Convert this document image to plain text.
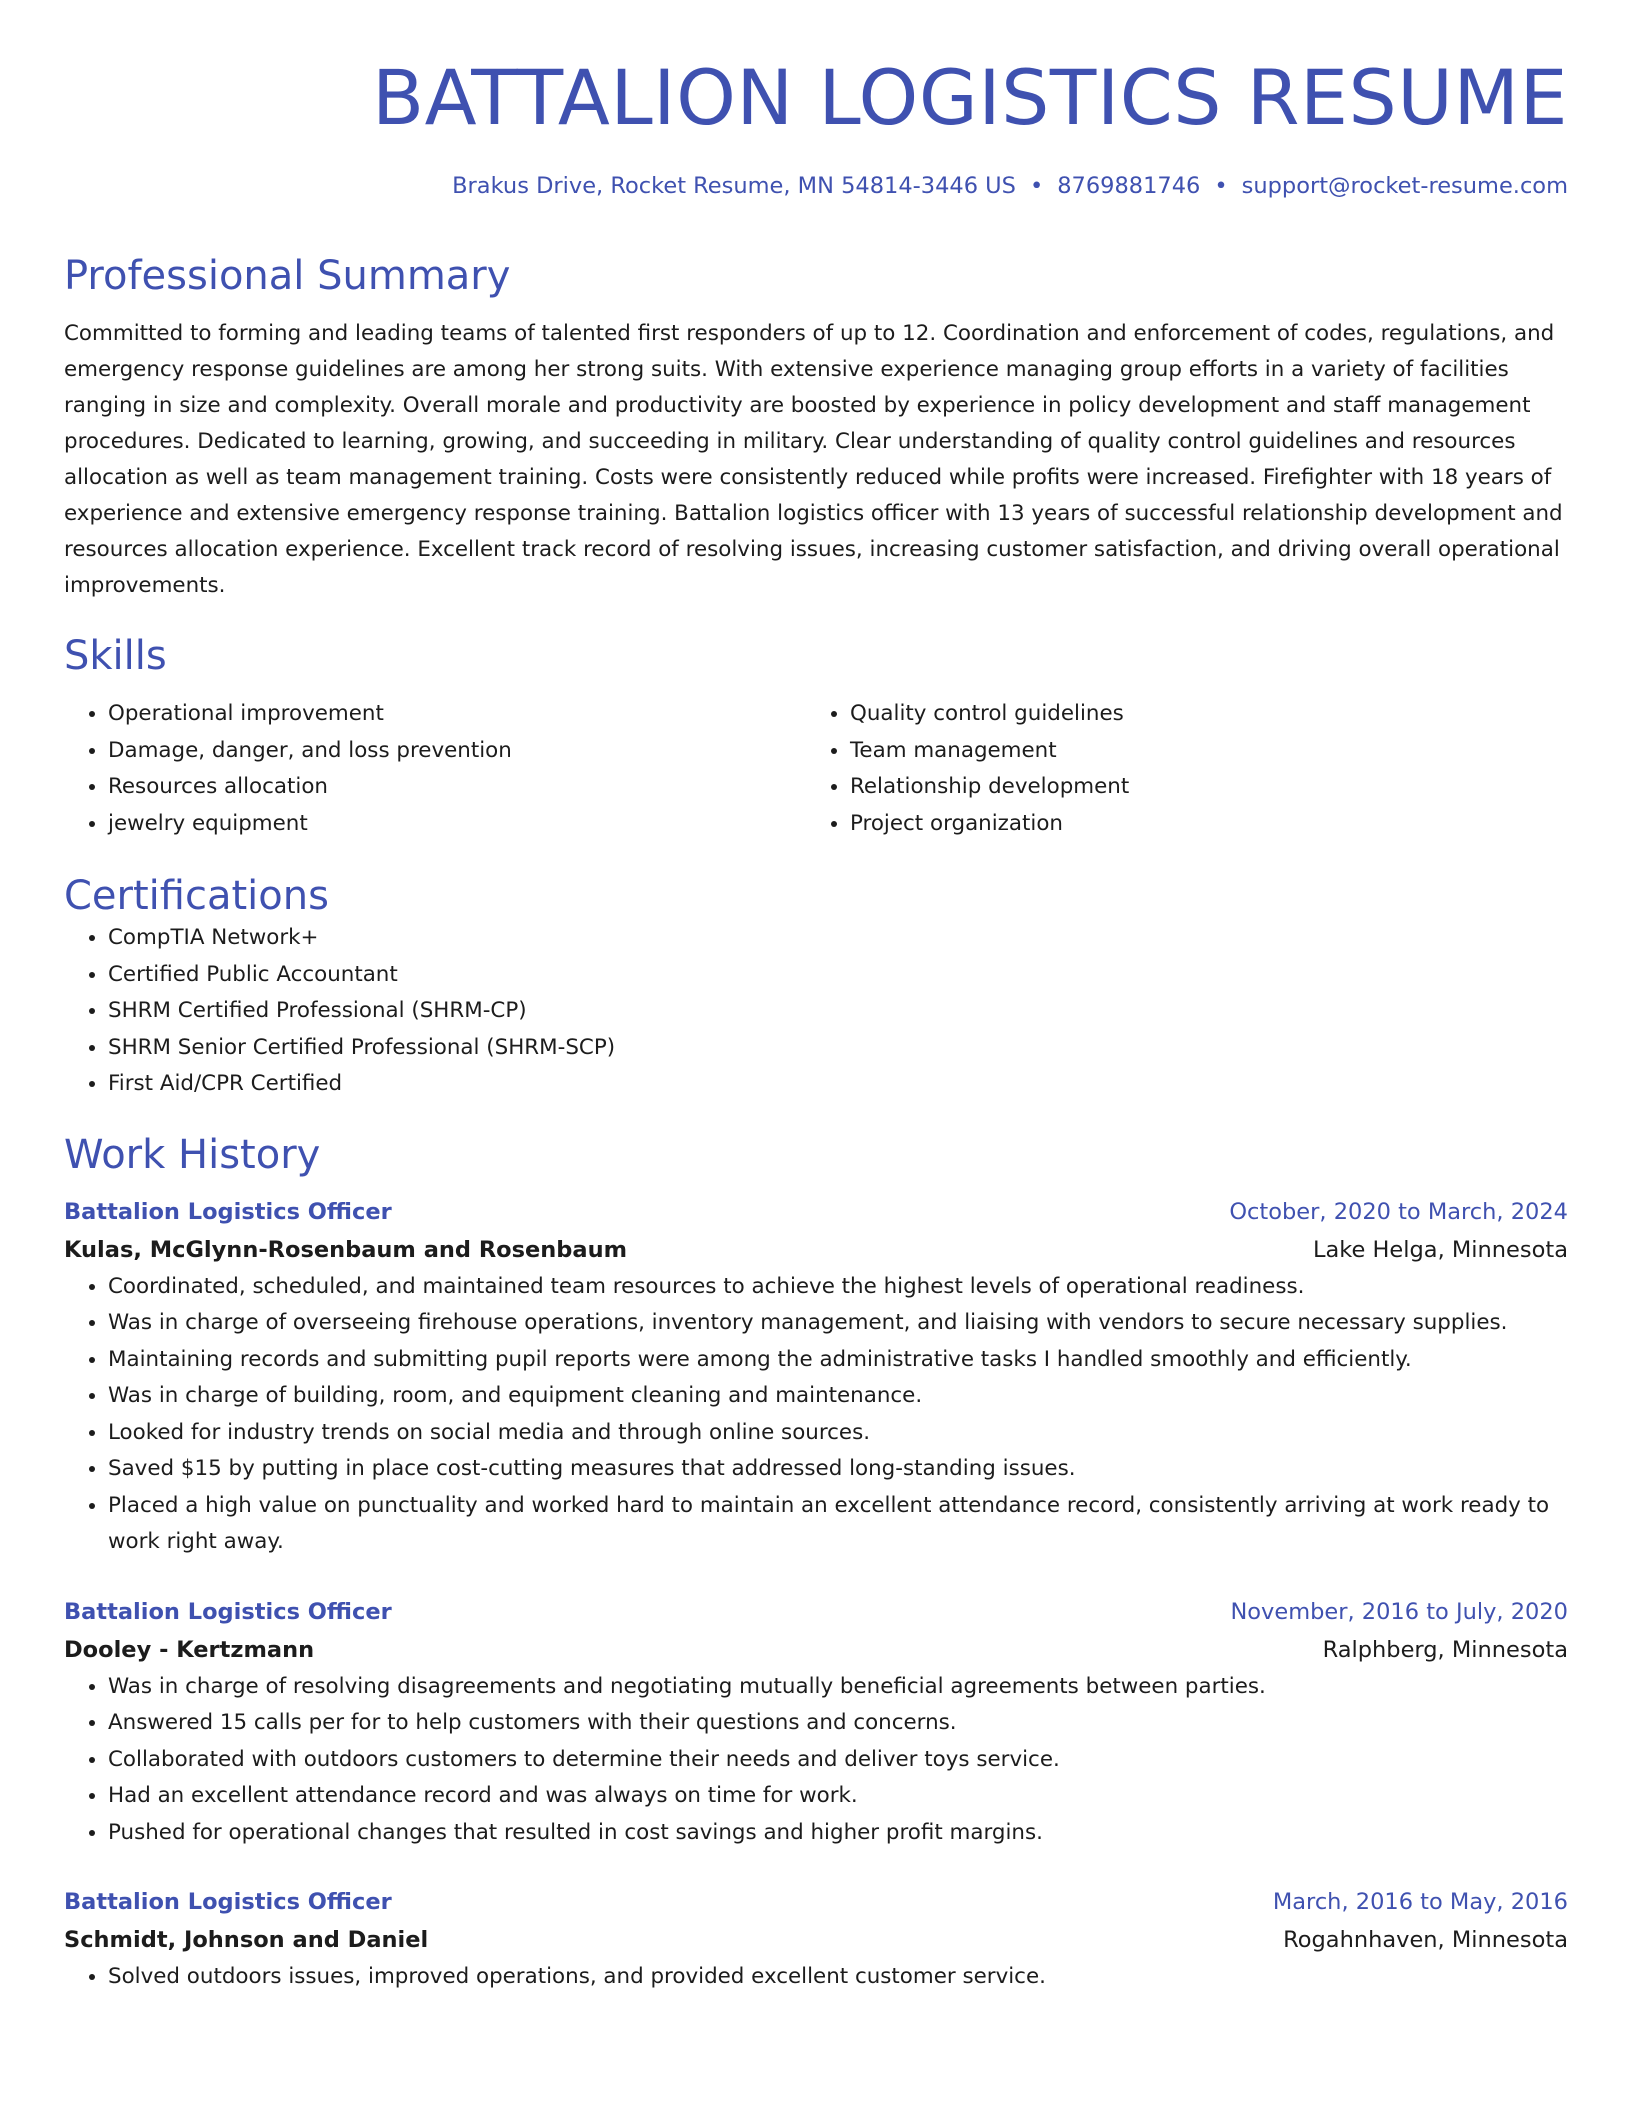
BATTALION LOGISTICS RESUME
Brakus Drive, Rocket Resume, MN 54814-3446 US • 8769881746 • support@rocket-resume.com
Professional Summary
Committed to forming and leading teams of talented first responders of up to 12. Coordination and enforcement of codes, regulations, and emergency response guidelines are among her strong suits. With extensive experience managing group efforts in a variety of facilities ranging in size and complexity. Overall morale and productivity are boosted by experience in policy development and staff management procedures. Dedicated to learning, growing, and succeeding in military. Clear understanding of quality control guidelines and resources allocation as well as team management training. Costs were consistently reduced while profits were increased. Firefighter with 18 years of experience and extensive emergency response training. Battalion logistics officer with 13 years of successful relationship development and resources allocation experience. Excellent track record of resolving issues, increasing customer satisfaction, and driving overall operational improvements.
Skills
• Operational improvement
• Damage, danger, and loss prevention
• Resources allocation
• jewelry equipment
• Quality control guidelines
• Team management
• Relationship development
• Project organization
Certifications
• CompTIA Network+
• Certified Public Accountant
• SHRM Certified Professional (SHRM-CP)
• SHRM Senior Certified Professional (SHRM-SCP)
• First Aid/CPR Certified
Work History
Battalion Logistics Officer	October, 2020 to March, 2024
Kulas, McGlynn-Rosenbaum and Rosenbaum	Lake Helga, Minnesota
• Coordinated, scheduled, and maintained team resources to achieve the highest levels of operational readiness.
• Was in charge of overseeing firehouse operations, inventory management, and liaising with vendors to secure necessary supplies.
• Maintaining records and submitting pupil reports were among the administrative tasks I handled smoothly and efficiently.
• Was in charge of building, room, and equipment cleaning and maintenance.
• Looked for industry trends on social media and through online sources.
• Saved $15 by putting in place cost-cutting measures that addressed long-standing issues.
• Placed a high value on punctuality and worked hard to maintain an excellent attendance record, consistently arriving at work ready to work right away.
Battalion Logistics Officer	November, 2016 to July, 2020
Dooley - Kertzmann	Ralphberg, Minnesota
• Was in charge of resolving disagreements and negotiating mutually beneficial agreements between parties.
• Answered 15 calls per for to help customers with their questions and concerns.
• Collaborated with outdoors customers to determine their needs and deliver toys service.
• Had an excellent attendance record and was always on time for work.
• Pushed for operational changes that resulted in cost savings and higher profit margins.
Battalion Logistics Officer	March, 2016 to May, 2016
Schmidt, Johnson and Daniel	Rogahnhaven, Minnesota
• Solved outdoors issues, improved operations, and provided excellent customer service.
